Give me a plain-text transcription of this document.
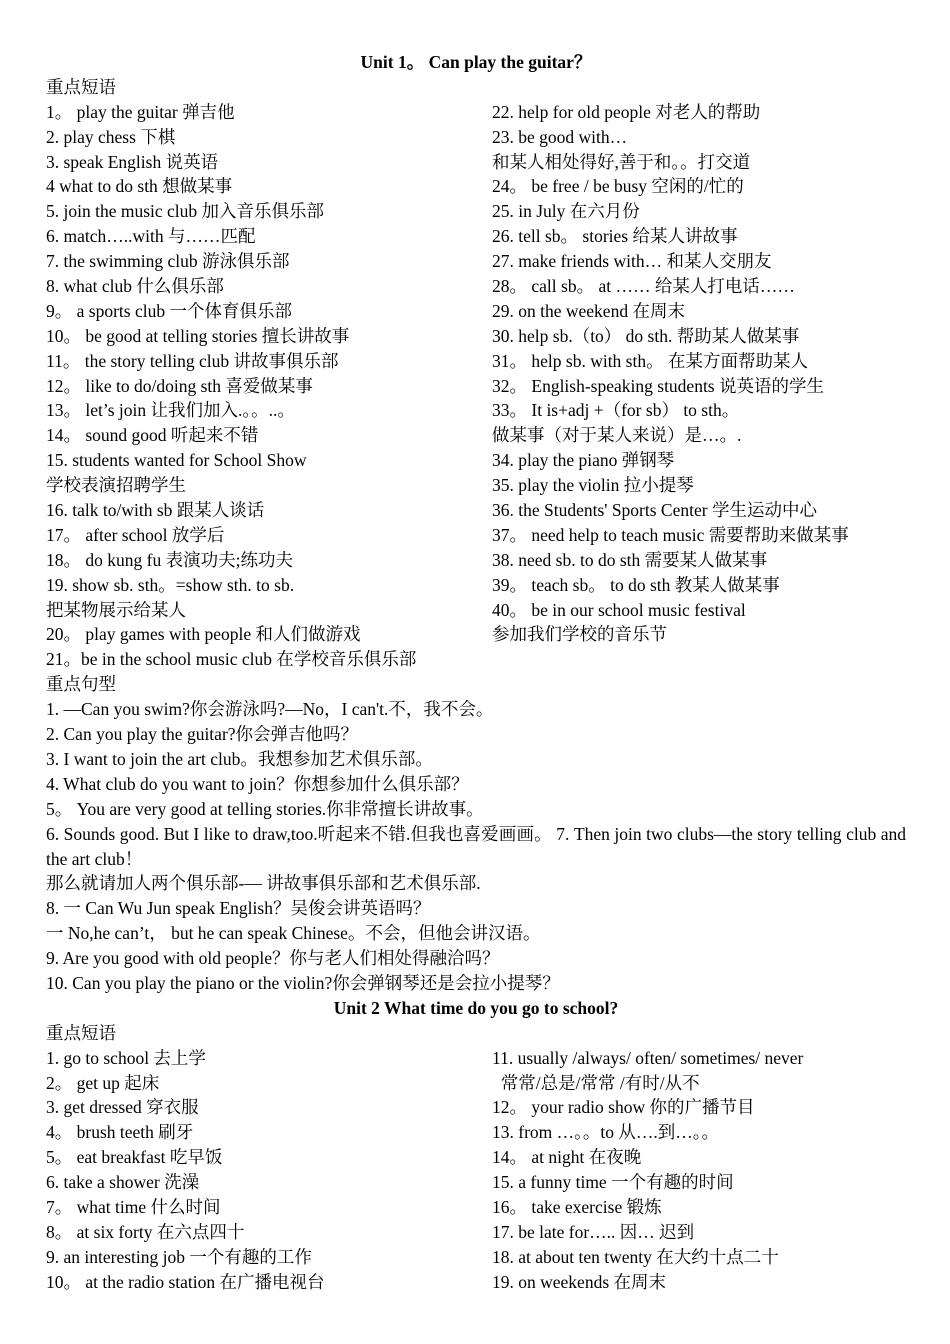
Unit 1。 Can play the guitar？
重点短语
1。 play the guitar 弹吉他
2. play chess 下棋
3. speak English 说英语
4 what to do sth 想做某事
5. join the music club 加入音乐俱乐部
6. match…..with 与……匹配
7. the swimming club 游泳俱乐部
8. what club 什么俱乐部
9。 a sports club 一个体育俱乐部
10。 be good at telling stories 擅长讲故事
11。 the story telling club 讲故事俱乐部
12。 like to do/doing sth 喜爱做某事
13。 let’s join 让我们加入.。。..。
14。 sound good 听起来不错
15. students wanted for School Show
学校表演招聘学生
16. talk to/with sb 跟某人谈话
17。 after school 放学后
18。 do kung fu 表演功夫;练功夫
19. show sb. sth。=show sth. to sb.
把某物展示给某人
20。 play games with people 和人们做游戏
21。be in the school music club 在学校音乐俱乐部
22. help for old people 对老人的帮助
23. be good with…
和某人相处得好,善于和。。打交道
24。 be free / be busy 空闲的/忙的
25. in July 在六月份
26. tell sb。 stories 给某人讲故事
27. make friends with… 和某人交朋友
28。 call sb。 at …… 给某人打电话……
29. on the weekend 在周末
30. help sb.（to） do sth. 帮助某人做某事
31。 help sb. with sth。 在某方面帮助某人
32。 English-speaking students 说英语的学生
33。 It is+adj +（for sb） to sth。
做某事（对于某人来说）是…。.
34. play the piano 弹钢琴
35. play the violin 拉小提琴
36. the Students' Sports Center 学生运动中心
37。 need help to teach music 需要帮助来做某事
38. need sb. to do sth 需要某人做某事
39。 teach sb。 to do sth 教某人做某事
40。 be in our school music festival
参加我们学校的音乐节
重点句型
1. —Can you swim?你会游泳吗?—No，I can't.不，我不会。
2. Can you play the guitar?你会弹吉他吗？
3. I want to join the art club。我想参加艺术俱乐部。
4. What club do you want to join？你想参加什么俱乐部？
5。 You are very good at telling stories.你非常擅长讲故事。
6. Sounds good. But I like to draw,too.听起来不错.但我也喜爱画画。 7. Then join two clubs—the story telling club and the art club！
那么就请加人两个俱乐部-— 讲故事俱乐部和艺术俱乐部.
8. 一 Can Wu Jun speak English？吴俊会讲英语吗？
一 No,he can’t， but he can speak Chinese。不会，但他会讲汉语。
9. Are you good with old people？你与老人们相处得融洽吗？
10. Can you play the piano or the violin?你会弹钢琴还是会拉小提琴？
Unit 2 What time do you go to school?
重点短语
1. go to school 去上学
2。 get up 起床
3. get dressed 穿衣服
4。 brush teeth 刷牙
5。 eat breakfast 吃早饭
6. take a shower 洗澡
7。 what time 什么时间
8。 at six forty 在六点四十
9. an interesting job 一个有趣的工作
10。 at the radio station 在广播电视台
11. usually /always/ often/ sometimes/ never
常常/总是/常常 /有时/从不
12。 your radio show 你的广播节目
13. from …。。to 从….到…。。
14。 at night 在夜晚
15. a funny time 一个有趣的时间
16。 take exercise 锻炼
17. be late for….. 因… 迟到
18. at about ten twenty 在大约十点二十
19. on weekends 在周末
